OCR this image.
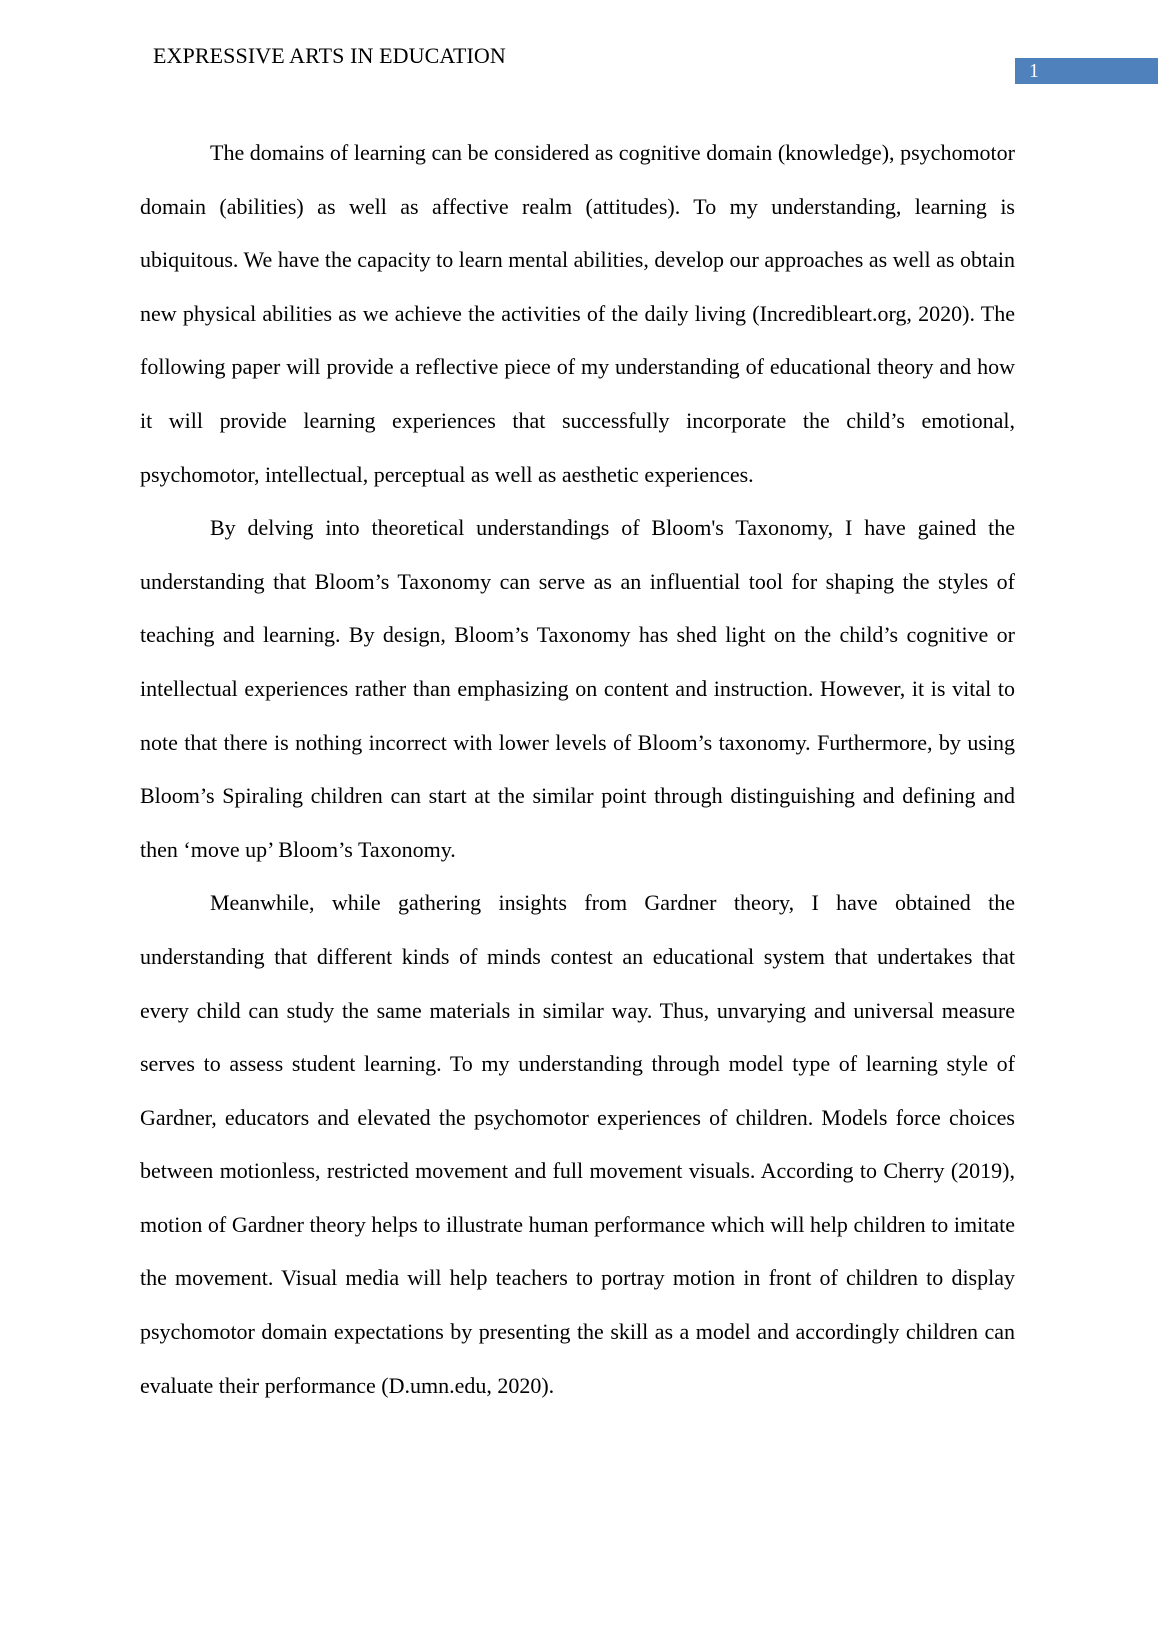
EXPRESSIVE ARTS IN EDUCATION
1

The domains of learning can be considered as cognitive domain (knowledge), psychomotor domain (abilities) as well as affective realm (attitudes). To my understanding, learning is ubiquitous. We have the capacity to learn mental abilities, develop our approaches as well as obtain new physical abilities as we achieve the activities of the daily living (Incredibleart.org, 2020). The following paper will provide a reflective piece of my understanding of educational theory and how it will provide learning experiences that successfully incorporate the child’s emotional, psychomotor, intellectual, perceptual as well as aesthetic experiences.

By delving into theoretical understandings of Bloom's Taxonomy, I have gained the understanding that Bloom’s Taxonomy can serve as an influential tool for shaping the styles of teaching and learning. By design, Bloom’s Taxonomy has shed light on the child’s cognitive or intellectual experiences rather than emphasizing on content and instruction. However, it is vital to note that there is nothing incorrect with lower levels of Bloom’s taxonomy. Furthermore, by using Bloom’s Spiraling children can start at the similar point through distinguishing and defining and then ‘move up’ Bloom’s Taxonomy.

Meanwhile, while gathering insights from Gardner theory, I have obtained the understanding that different kinds of minds contest an educational system that undertakes that every child can study the same materials in similar way. Thus, unvarying and universal measure serves to assess student learning. To my understanding through model type of learning style of Gardner, educators and elevated the psychomotor experiences of children. Models force choices between motionless, restricted movement and full movement visuals. According to Cherry (2019), motion of Gardner theory helps to illustrate human performance which will help children to imitate the movement. Visual media will help teachers to portray motion in front of children to display psychomotor domain expectations by presenting the skill as a model and accordingly children can evaluate their performance (D.umn.edu, 2020).
